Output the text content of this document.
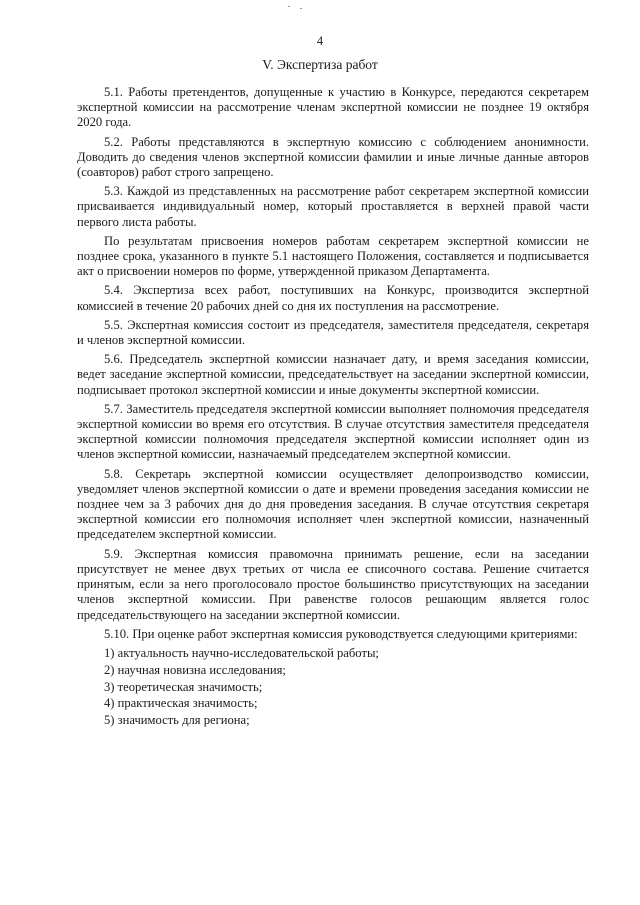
4
V. Экспертиза работ

5.1. Работы претендентов, допущенные к участию в Конкурсе, передаются секретарем экспертной комиссии на рассмотрение членам экспертной комиссии не позднее 19 октября 2020 года.

5.2. Работы представляются в экспертную комиссию с соблюдением анонимности. Доводить до сведения членов экспертной комиссии фамилии и иные личные данные авторов (соавторов) работ строго запрещено.

5.3. Каждой из представленных на рассмотрение работ секретарем экспертной комиссии присваивается индивидуальный номер, который проставляется в верхней правой части первого листа работы.

По результатам присвоения номеров работам секретарем экспертной комиссии не позднее срока, указанного в пункте 5.1 настоящего Положения, составляется и подписывается акт о присвоении номеров по форме, утвержденной приказом Департамента.

5.4. Экспертиза всех работ, поступивших на Конкурс, производится экспертной комиссией в течение 20 рабочих дней со дня их поступления на рассмотрение.

5.5. Экспертная комиссия состоит из председателя, заместителя председателя, секретаря и членов экспертной комиссии.

5.6. Председатель экспертной комиссии назначает дату, и время заседания комиссии, ведет заседание экспертной комиссии, председательствует на заседании экспертной комиссии, подписывает протокол экспертной комиссии и иные документы экспертной комиссии.

5.7. Заместитель председателя экспертной комиссии выполняет полномочия председателя экспертной комиссии во время его отсутствия. В случае отсутствия заместителя председателя экспертной комиссии полномочия председателя экспертной комиссии исполняет один из членов экспертной комиссии, назначаемый председателем экспертной комиссии.

5.8. Секретарь экспертной комиссии осуществляет делопроизводство комиссии, уведомляет членов экспертной комиссии о дате и времени проведения заседания комиссии не позднее чем за 3 рабочих дня до дня проведения заседания. В случае отсутствия секретаря экспертной комиссии его полномочия исполняет член экспертной комиссии, назначенный председателем экспертной комиссии.

5.9. Экспертная комиссия правомочна принимать решение, если на заседании присутствует не менее двух третьих от числа ее списочного состава. Решение считается принятым, если за него проголосовало простое большинство присутствующих на заседании членов экспертной комиссии. При равенстве голосов решающим является голос председательствующего на заседании экспертной комиссии.

5.10. При оценке работ экспертная комиссия руководствуется следующими критериями:

1) актуальность научно-исследовательской работы;
2) научная новизна исследования;
3) теоретическая значимость;
4) практическая значимость;
5) значимость для региона;
